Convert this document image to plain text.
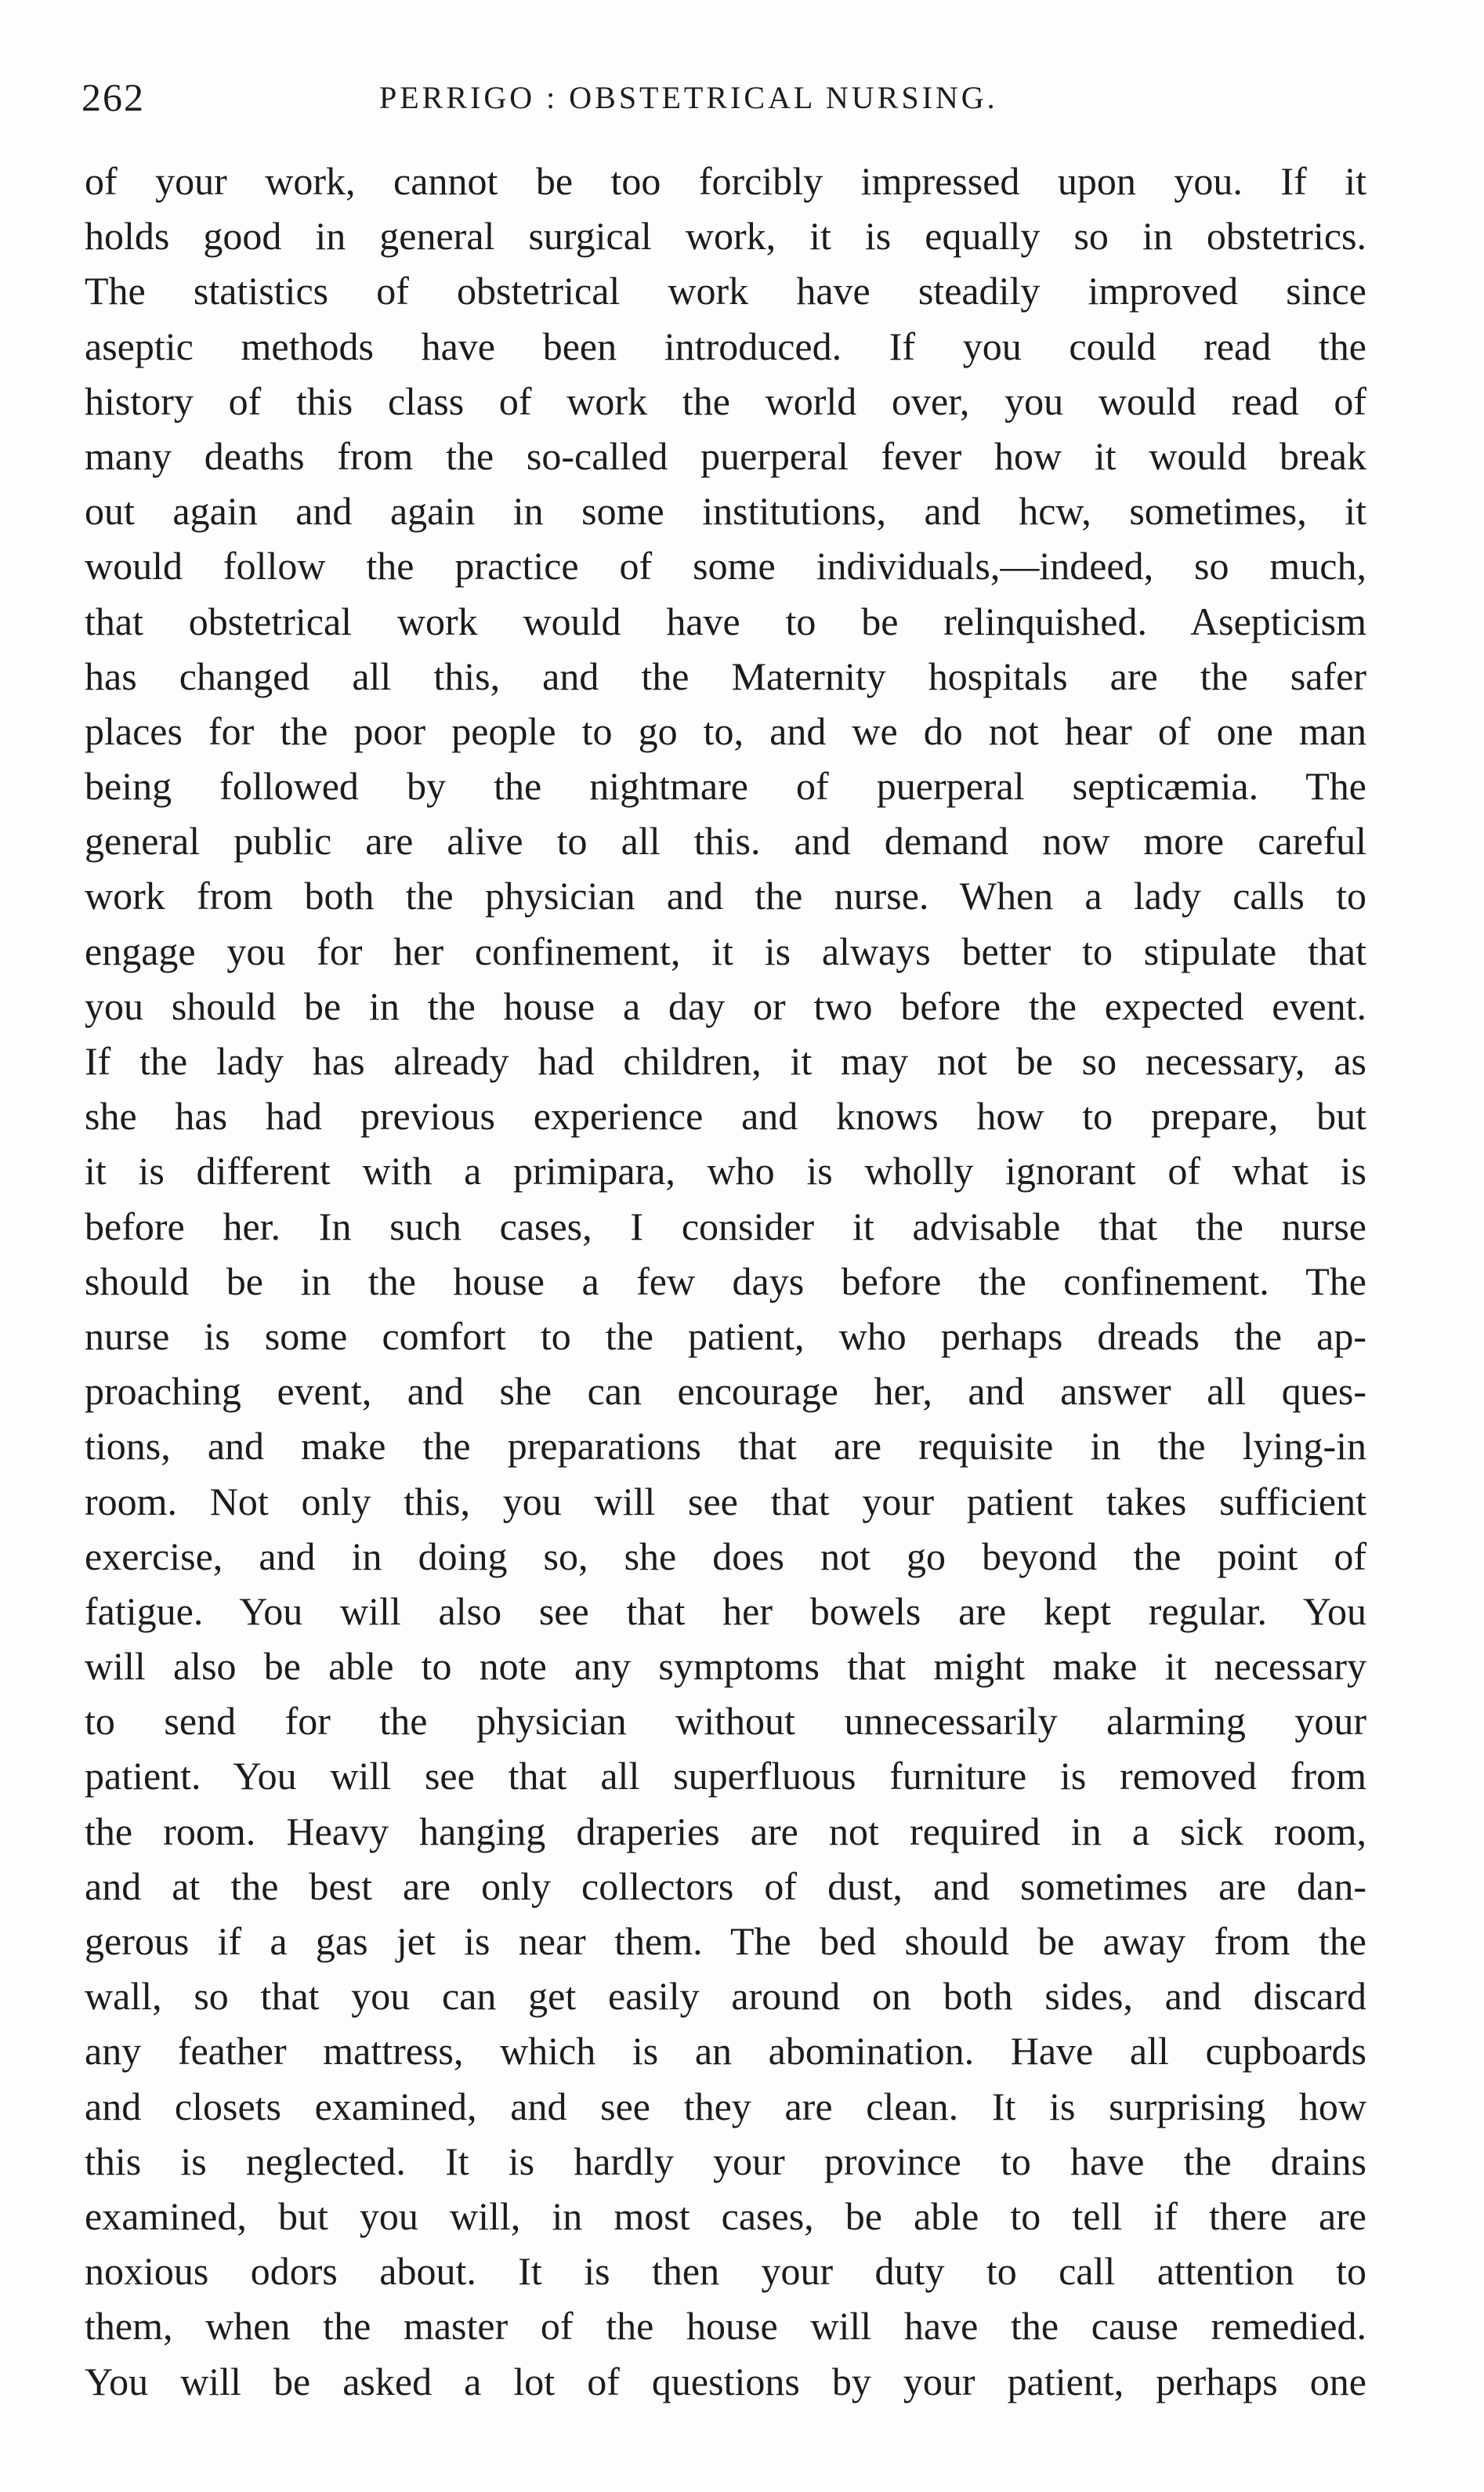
262	PERRIGO : OBSTETRICAL NURSING.
of your work, cannot be too forcibly impressed upon you. If it
holds good in general surgical work, it is equally so in obstetrics.
The statistics of obstetrical work have steadily improved since
aseptic methods have been introduced. If you could read the
history of this class of work the world over, you would read of
many deaths from the so-called puerperal fever how it would break
out again and again in some institutions, and hcw, sometimes, it
would follow the practice of some individuals,—indeed, so much,
that obstetrical work would have to be relinquished. Asepticism
has changed all this, and the Maternity hospitals are the safer
places for the poor people to go to, and we do not hear of one man
being followed by the nightmare of puerperal septicæmia. The
general public are alive to all this. and demand now more careful
work from both the physician and the nurse. When a lady calls to
engage you for her confinement, it is always better to stipulate that
you should be in the house a day or two before the expected event.
If the lady has already had children, it may not be so necessary, as
she has had previous experience and knows how to prepare, but
it is different with a primipara, who is wholly ignorant of what is
before her. In such cases, I consider it advisable that the nurse
should be in the house a few days before the confinement. The
nurse is some comfort to the patient, who perhaps dreads the ap-
proaching event, and she can encourage her, and answer all ques-
tions, and make the preparations that are requisite in the lying-in
room. Not only this, you will see that your patient takes sufficient
exercise, and in doing so, she does not go beyond the point of
fatigue. You will also see that her bowels are kept regular. You
will also be able to note any symptoms that might make it necessary
to send for the physician without unnecessarily alarming your
patient. You will see that all superfluous furniture is removed from
the room. Heavy hanging draperies are not required in a sick room,
and at the best are only collectors of dust, and sometimes are dan-
gerous if a gas jet is near them. The bed should be away from the
wall, so that you can get easily around on both sides, and discard
any feather mattress, which is an abomination. Have all cupboards
and closets examined, and see they are clean. It is surprising how
this is neglected. It is hardly your province to have the drains
examined, but you will, in most cases, be able to tell if there are
noxious odors about. It is then your duty to call attention to
them, when the master of the house will have the cause remedied.
You will be asked a lot of questions by your patient, perhaps one
